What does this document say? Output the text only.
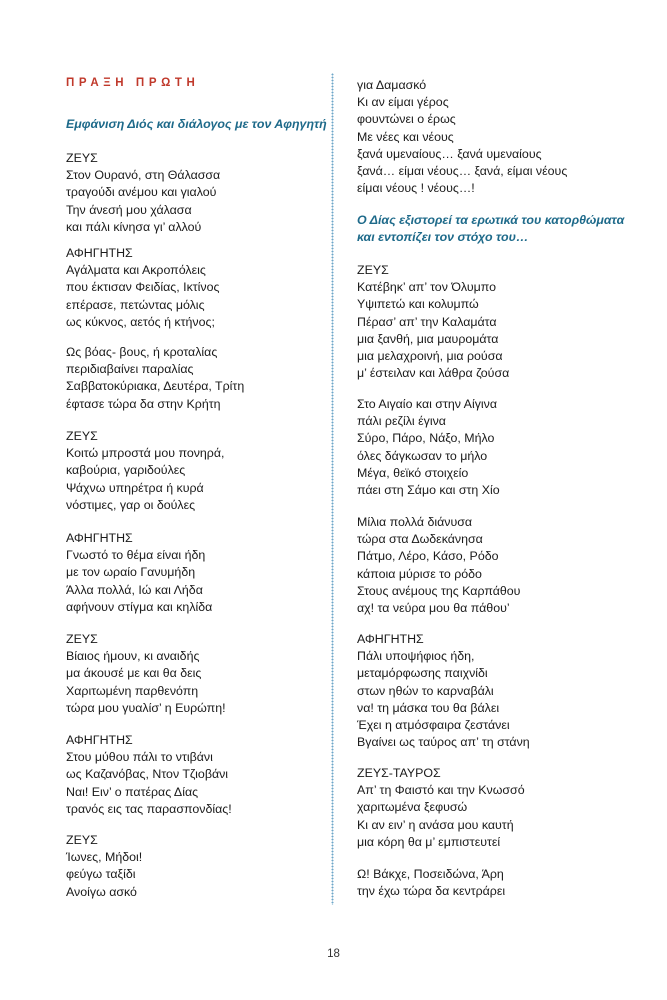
ΠΡΑΞΗ ΠΡΩΤΗ

Εμφάνιση Διός και διάλογος με τον Αφηγητή

ΖΕΥΣ
Στον Ουρανό, στη Θάλασσα
τραγούδι ανέμου και γιαλού
Την άνεσή μου χάλασα
και πάλι κίνησα γι’ αλλού
ΑΦΗΓΗΤΗΣ
Αγάλματα και Ακροπόλεις
που έκτισαν Φειδίας, Ικτίνος
επέρασε, πετώντας μόλις
ως κύκνος, αετός ή κτήνος;
Ως βόας- βους, ή κροταλίας
περιδιαβαίνει παραλίας
Σαββατοκύριακα, Δευτέρα, Τρίτη
έφτασε τώρα δα στην Κρήτη
ΖΕΥΣ
Κοιτώ μπροστά μου πονηρά,
καβούρια, γαριδούλες
Ψάχνω υπηρέτρα ή κυρά
νόστιμες, γαρ οι δούλες
ΑΦΗΓΗΤΗΣ
Γνωστό το θέμα είναι ήδη
με τον ωραίο Γανυμήδη
Άλλα πολλά, Ιώ και Λήδα
αφήνουν στίγμα και κηλίδα
ΖΕΥΣ
Βίαιος ήμουν, κι αναιδής
μα άκουσέ με και θα δεις
Χαριτωμένη παρθενόπη
τώρα μου γυαλίσ’ η Ευρώπη!
ΑΦΗΓΗΤΗΣ
Στου μύθου πάλι το ντιβάνι
ως Καζανόβας, Ντον Τζιοβάνι
Ναι! Ειν’ ο πατέρας Δίας
τρανός εις τας παρασπονδίας!
ΖΕΥΣ
Ίωνες, Μήδοι!
φεύγω ταξίδι
Ανοίγω ασκό
για Δαμασκό
Κι αν είμαι γέρος
φουντώνει ο έρως
Με νέες και νέους
ξανά υμεναίους… ξανά υμεναίους
ξανά… είμαι νέους… ξανά, είμαι νέους
είμαι νέους ! νέους…!
Ο Δίας εξιστορεί τα ερωτικά του κατορθώματα
και εντοπίζει τον στόχο του…
ΖΕΥΣ
Κατέβηκ’ απ’ τον Όλυμπο
Υψιπετώ και κολυμπώ
Πέρασ’ απ’ την Καλαμάτα
μια ξανθή, μια μαυρομάτα
μια μελαχροινή, μια ρούσα
μ’ έστειλαν και λάθρα ζούσα
Στο Αιγαίο και στην Αίγινα
πάλι ρεζίλι έγινα
Σύρο, Πάρο, Νάξο, Μήλο
όλες δάγκωσαν το μήλο
Μέγα, θεϊκό στοιχείο
πάει στη Σάμο και στη Χίο
Μίλια πολλά διάνυσα
τώρα στα Δωδεκάνησα
Πάτμο, Λέρο, Κάσο, Ρόδο
κάποια μύρισε το ρόδο
Στους ανέμους της Καρπάθου
αχ! τα νεύρα μου θα πάθου’
ΑΦΗΓΗΤΗΣ
Πάλι υποψήφιος ήδη,
μεταμόρφωσης παιχνίδι
στων ηθών το καρναβάλι
να! τη μάσκα του θα βάλει
Έχει η ατμόσφαιρα ζεστάνει
Βγαίνει ως ταύρος απ’ τη στάνη
ΖΕΥΣ-ΤΑΥΡΟΣ
Απ’ τη Φαιστό και την Κνωσσό
χαριτωμένα ξεφυσώ
Κι αν ειν’ η ανάσα μου καυτή
μια κόρη θα μ’ εμπιστευτεί
Ω! Βάκχε, Ποσειδώνα, Άρη
την έχω τώρα δα κεντράρει
18
